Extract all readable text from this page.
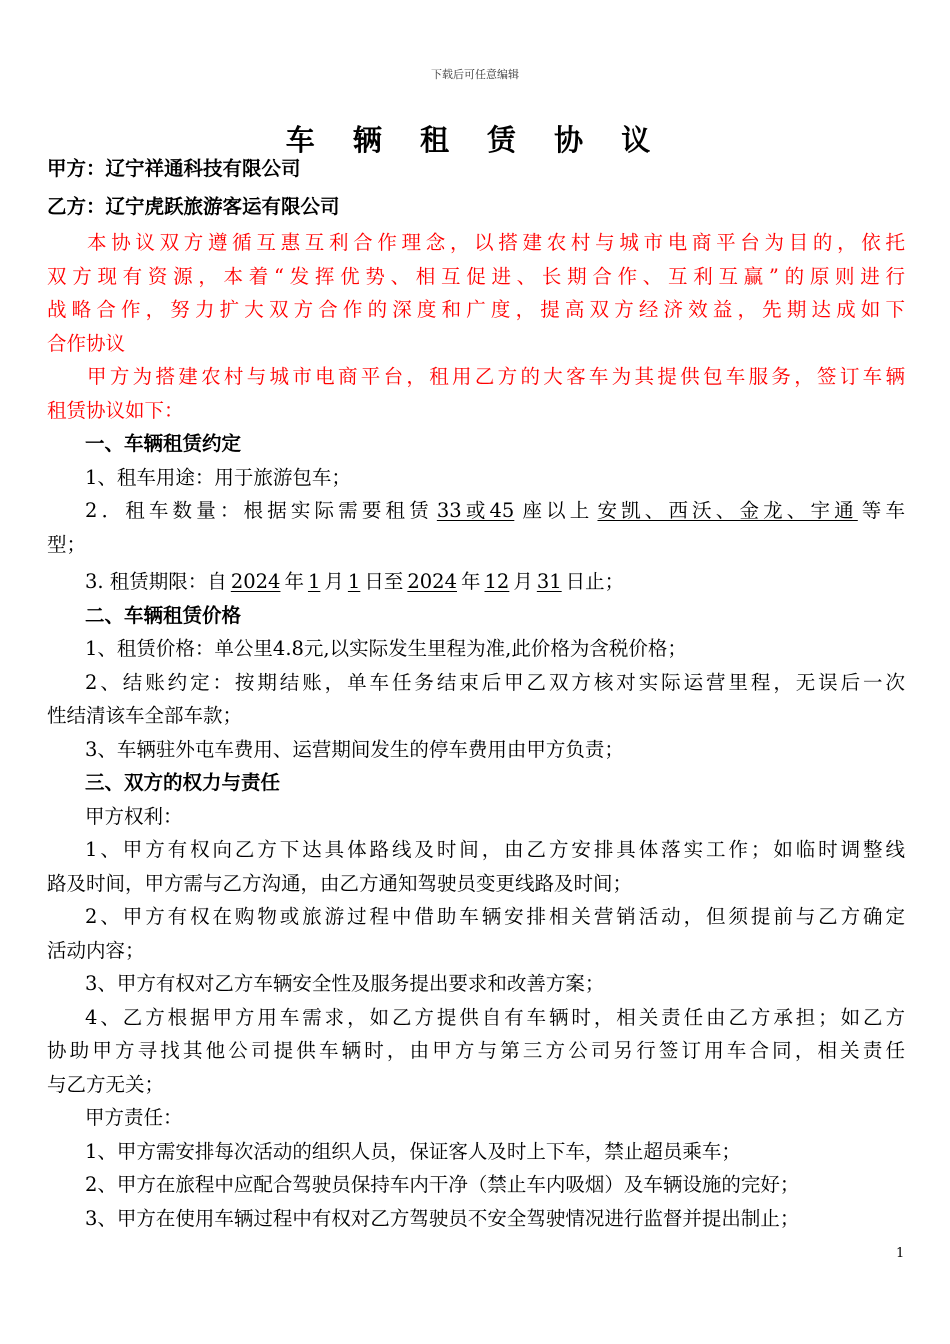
下载后可任意编辑
车 辆 租 赁 协 议
甲方：辽宁祥通科技有限公司
乙方：辽宁虎跃旅游客运有限公司
本协议双方遵循互惠互利合作理念，以搭建农村与城市电商平台为目的，依托
双方现有资源，本着“发挥优势、相互促进、长期合作、互利互赢”的原则进行
战略合作，努力扩大双方合作的深度和广度，提高双方经济效益，先期达成如下
合作协议
甲方为搭建农村与城市电商平台，租用乙方的大客车为其提供包车服务，签订车辆
租赁协议如下：
一、车辆租赁约定
1、租车用途：用于旅游包车；
2．租车数量：根据实际需要租赁 33或45 座以上 安凯、西沃、金龙、宇通 等车
型；
3. 租赁期限：自 2024 年 1 月 1 日至 2024 年 12 月 31 日止；
二、车辆租赁价格
1、租赁价格：单公里4.8元,以实际发生里程为准,此价格为含税价格；
2、结账约定：按期结账，单车任务结束后甲乙双方核对实际运营里程，无误后一次
性结清该车全部车款；
3、车辆驻外屯车费用、运营期间发生的停车费用由甲方负责；
三、双方的权力与责任
甲方权利：
1、甲方有权向乙方下达具体路线及时间，由乙方安排具体落实工作；如临时调整线
路及时间，甲方需与乙方沟通，由乙方通知驾驶员变更线路及时间；
2、甲方有权在购物或旅游过程中借助车辆安排相关营销活动，但须提前与乙方确定
活动内容；
3、甲方有权对乙方车辆安全性及服务提出要求和改善方案；
4、乙方根据甲方用车需求，如乙方提供自有车辆时，相关责任由乙方承担；如乙方
协助甲方寻找其他公司提供车辆时，由甲方与第三方公司另行签订用车合同，相关责任
与乙方无关；
甲方责任：
1、甲方需安排每次活动的组织人员，保证客人及时上下车，禁止超员乘车；
2、甲方在旅程中应配合驾驶员保持车内干净（禁止车内吸烟）及车辆设施的完好；
3、甲方在使用车辆过程中有权对乙方驾驶员不安全驾驶情况进行监督并提出制止；
1
